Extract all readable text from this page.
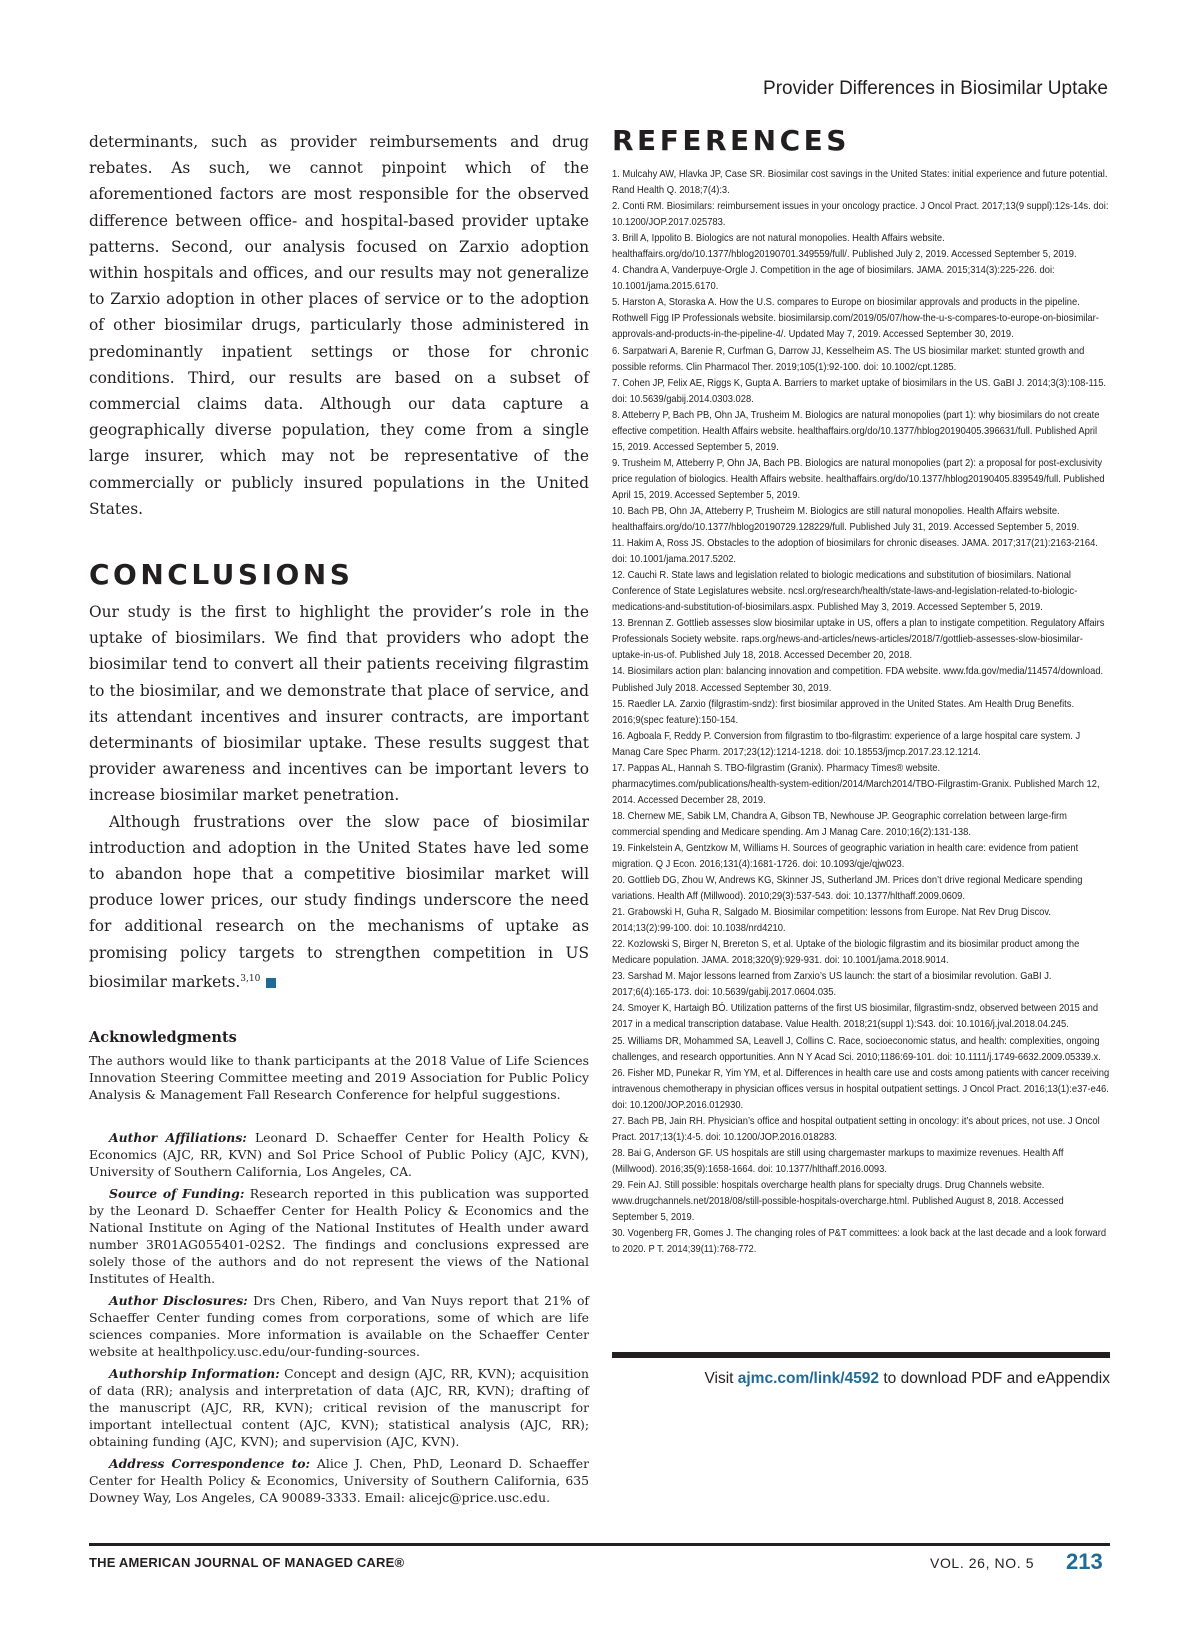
Provider Differences in Biosimilar Uptake

determinants, such as provider reimbursements and drug rebates. As such, we cannot pinpoint which of the aforementioned factors are most responsible for the observed difference between office- and hospital-based provider uptake patterns. Second, our analysis focused on Zarxio adoption within hospitals and offices, and our results may not generalize to Zarxio adoption in other places of service or to the adoption of other biosimilar drugs, particularly those administered in predominantly inpatient settings or those for chronic conditions. Third, our results are based on a subset of commercial claims data. Although our data capture a geographically diverse population, they come from a single large insurer, which may not be representative of the commercially or publicly insured populations in the United States.

CONCLUSIONS

Our study is the first to highlight the provider’s role in the uptake of biosimilars. We find that providers who adopt the biosimilar tend to convert all their patients receiving filgrastim to the biosimilar, and we demonstrate that place of service, and its attendant incentives and insurer contracts, are important determinants of biosimilar uptake. These results suggest that provider awareness and incentives can be important levers to increase biosimilar market penetration.

Although frustrations over the slow pace of biosimilar introduction and adoption in the United States have led some to abandon hope that a competitive biosimilar market will produce lower prices, our study findings underscore the need for additional research on the mechanisms of uptake as promising policy targets to strengthen competition in US biosimilar markets.$^{3,10}$

Acknowledgments

The authors would like to thank participants at the 2018 Value of Life Sciences Innovation Steering Committee meeting and 2019 Association for Public Policy Analysis & Management Fall Research Conference for helpful suggestions.

Author Affiliations: Leonard D. Schaeffer Center for Health Policy & Economics (AJC, RR, KVN) and Sol Price School of Public Policy (AJC, KVN), University of Southern California, Los Angeles, CA.

Source of Funding: Research reported in this publication was supported by the Leonard D. Schaeffer Center for Health Policy & Economics and the National Institute on Aging of the National Institutes of Health under award number 3R01AG055401-02S2. The findings and conclusions expressed are solely those of the authors and do not represent the views of the National Institutes of Health.

Author Disclosures: Drs Chen, Ribero, and Van Nuys report that 21% of Schaeffer Center funding comes from corporations, some of which are life sciences companies. More information is available on the Schaeffer Center website at healthpolicy.usc.edu/our-funding-sources.

Authorship Information: Concept and design (AJC, RR, KVN); acquisition of data (RR); analysis and interpretation of data (AJC, RR, KVN); drafting of the manuscript (AJC, RR, KVN); critical revision of the manuscript for important intellectual content (AJC, KVN); statistical analysis (AJC, RR); obtaining funding (AJC, KVN); and supervision (AJC, KVN).

Address Correspondence to: Alice J. Chen, PhD, Leonard D. Schaeffer Center for Health Policy & Economics, University of Southern California, 635 Downey Way, Los Angeles, CA 90089-3333. Email: alicejc@price.usc.edu.

REFERENCES
1. Mulcahy AW, Hlavka JP, Case SR. Biosimilar cost savings in the United States: initial experience and future potential. Rand Health Q. 2018;7(4):3.
2. Conti RM. Biosimilars: reimbursement issues in your oncology practice. J Oncol Pract. 2017;13(9 suppl):12s-14s. doi: 10.1200/JOP.2017.025783.
3. Brill A, Ippolito B. Biologics are not natural monopolies. Health Affairs website. healthaffairs.org/do/10.1377/hblog20190701.349559/full/. Published July 2, 2019. Accessed September 5, 2019.
4. Chandra A, Vanderpuye-Orgle J. Competition in the age of biosimilars. JAMA. 2015;314(3):225-226. doi: 10.1001/jama.2015.6170.
5. Harston A, Storaska A. How the U.S. compares to Europe on biosimilar approvals and products in the pipeline. Rothwell Figg IP Professionals website. biosimilarsip.com/2019/05/07/how-the-u-s-compares-to-europe-on-biosimilar-approvals-and-products-in-the-pipeline-4/. Updated May 7, 2019. Accessed September 30, 2019.
6. Sarpatwari A, Barenie R, Curfman G, Darrow JJ, Kesselheim AS. The US biosimilar market: stunted growth and possible reforms. Clin Pharmacol Ther. 2019;105(1):92-100. doi: 10.1002/cpt.1285.
7. Cohen JP, Felix AE, Riggs K, Gupta A. Barriers to market uptake of biosimilars in the US. GaBI J. 2014;3(3):108-115. doi: 10.5639/gabij.2014.0303.028.
8. Atteberry P, Bach PB, Ohn JA, Trusheim M. Biologics are natural monopolies (part 1): why biosimilars do not create effective competition. Health Affairs website. healthaffairs.org/do/10.1377/hblog20190405.396631/full. Published April 15, 2019. Accessed September 5, 2019.
9. Trusheim M, Atteberry P, Ohn JA, Bach PB. Biologics are natural monopolies (part 2): a proposal for post-exclusivity price regulation of biologics. Health Affairs website. healthaffairs.org/do/10.1377/hblog20190405.839549/full. Published April 15, 2019. Accessed September 5, 2019.
10. Bach PB, Ohn JA, Atteberry P, Trusheim M. Biologics are still natural monopolies. Health Affairs website. healthaffairs.org/do/10.1377/hblog20190729.128229/full. Published July 31, 2019. Accessed September 5, 2019.
11. Hakim A, Ross JS. Obstacles to the adoption of biosimilars for chronic diseases. JAMA. 2017;317(21):2163-2164. doi: 10.1001/jama.2017.5202.
12. Cauchi R. State laws and legislation related to biologic medications and substitution of biosimilars. National Conference of State Legislatures website. ncsl.org/research/health/state-laws-and-legislation-related-to-biologic-medications-and-substitution-of-biosimilars.aspx. Published May 3, 2019. Accessed September 5, 2019.
13. Brennan Z. Gottlieb assesses slow biosimilar uptake in US, offers a plan to instigate competition. Regulatory Affairs Professionals Society website. raps.org/news-and-articles/news-articles/2018/7/gottlieb-assesses-slow-biosimilar-uptake-in-us-of. Published July 18, 2018. Accessed December 20, 2018.
14. Biosimilars action plan: balancing innovation and competition. FDA website. www.fda.gov/media/114574/download. Published July 2018. Accessed September 30, 2019.
15. Raedler LA. Zarxio (filgrastim-sndz): first biosimilar approved in the United States. Am Health Drug Benefits. 2016;9(spec feature):150-154.
16. Agboala F, Reddy P. Conversion from filgrastim to tbo-filgrastim: experience of a large hospital care system. J Manag Care Spec Pharm. 2017;23(12):1214-1218. doi: 10.18553/jmcp.2017.23.12.1214.
17. Pappas AL, Hannah S. TBO-filgrastim (Granix). Pharmacy Times® website. pharmacytimes.com/publications/health-system-edition/2014/March2014/TBO-Filgrastim-Granix. Published March 12, 2014. Accessed December 28, 2019.
18. Chernew ME, Sabik LM, Chandra A, Gibson TB, Newhouse JP. Geographic correlation between large-firm commercial spending and Medicare spending. Am J Manag Care. 2010;16(2):131-138.
19. Finkelstein A, Gentzkow M, Williams H. Sources of geographic variation in health care: evidence from patient migration. Q J Econ. 2016;131(4):1681-1726. doi: 10.1093/qje/qjw023.
20. Gottlieb DG, Zhou W, Andrews KG, Skinner JS, Sutherland JM. Prices don’t drive regional Medicare spending variations. Health Aff (Millwood). 2010;29(3):537-543. doi: 10.1377/hlthaff.2009.0609.
21. Grabowski H, Guha R, Salgado M. Biosimilar competition: lessons from Europe. Nat Rev Drug Discov. 2014;13(2):99-100. doi: 10.1038/nrd4210.
22. Kozlowski S, Birger N, Brereton S, et al. Uptake of the biologic filgrastim and its biosimilar product among the Medicare population. JAMA. 2018;320(9):929-931. doi: 10.1001/jama.2018.9014.
23. Sarshad M. Major lessons learned from Zarxio’s US launch: the start of a biosimilar revolution. GaBI J. 2017;6(4):165-173. doi: 10.5639/gabij.2017.0604.035.
24. Smoyer K, Hartaigh BÓ. Utilization patterns of the first US biosimilar, filgrastim-sndz, observed between 2015 and 2017 in a medical transcription database. Value Health. 2018;21(suppl 1):S43. doi: 10.1016/j.jval.2018.04.245.
25. Williams DR, Mohammed SA, Leavell J, Collins C. Race, socioeconomic status, and health: complexities, ongoing challenges, and research opportunities. Ann N Y Acad Sci. 2010;1186:69-101. doi: 10.1111/j.1749-6632.2009.05339.x.
26. Fisher MD, Punekar R, Yim YM, et al. Differences in health care use and costs among patients with cancer receiving intravenous chemotherapy in physician offices versus in hospital outpatient settings. J Oncol Pract. 2016;13(1):e37-e46. doi: 10.1200/JOP.2016.012930.
27. Bach PB, Jain RH. Physician’s office and hospital outpatient setting in oncology: it’s about prices, not use. J Oncol Pract. 2017;13(1):4-5. doi: 10.1200/JOP.2016.018283.
28. Bai G, Anderson GF. US hospitals are still using chargemaster markups to maximize revenues. Health Aff (Millwood). 2016;35(9):1658-1664. doi: 10.1377/hlthaff.2016.0093.
29. Fein AJ. Still possible: hospitals overcharge health plans for specialty drugs. Drug Channels website. www.drugchannels.net/2018/08/still-possible-hospitals-overcharge.html. Published August 8, 2018. Accessed September 5, 2019.
30. Vogenberg FR, Gomes J. The changing roles of P&T committees: a look back at the last decade and a look forward to 2020. P T. 2014;39(11):768-772.
Visit ajmc.com/link/4592 to download PDF and eAppendix
THE AMERICAN JOURNAL OF MANAGED CARE®	VOL. 26, NO. 5 213
